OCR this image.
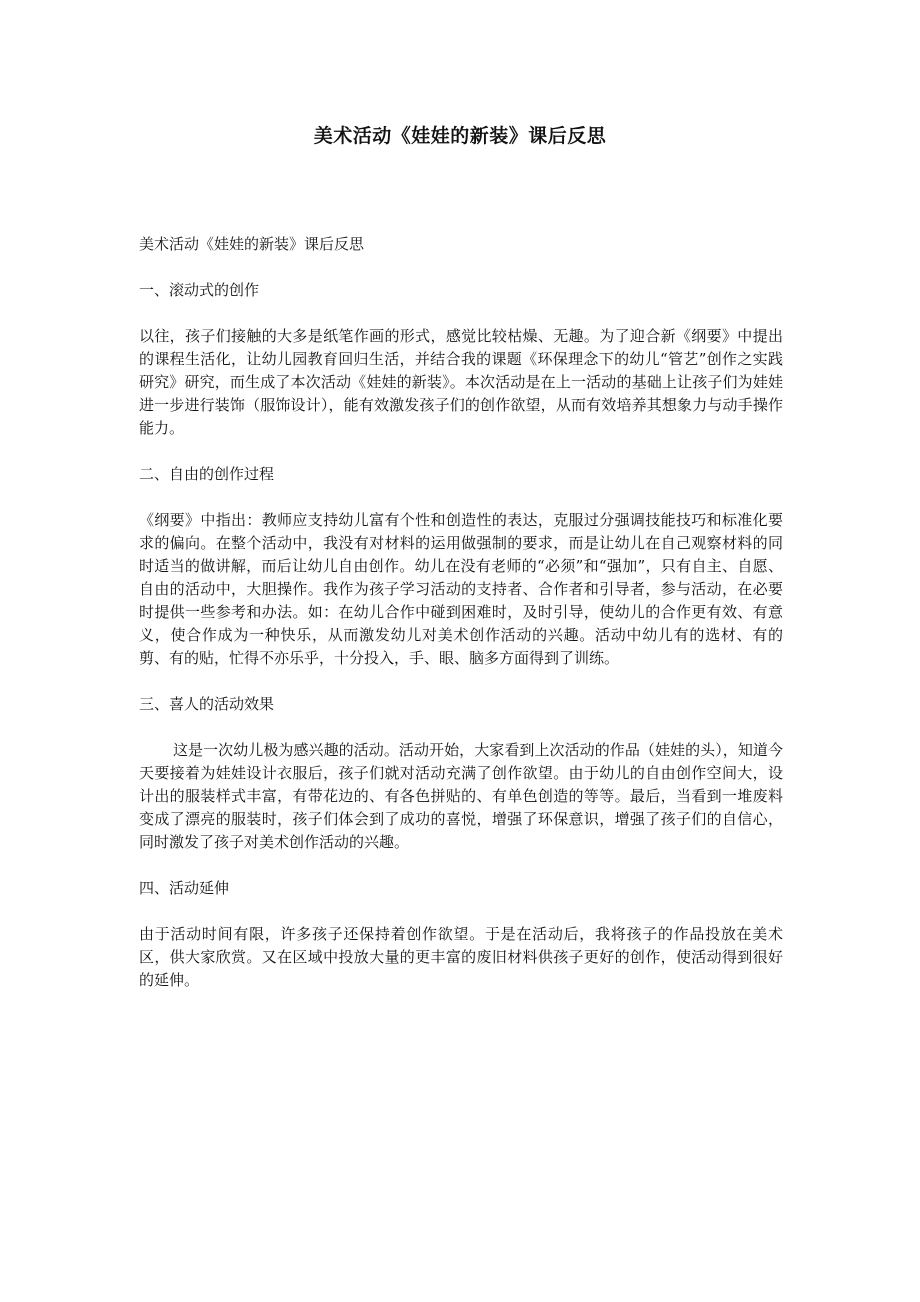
美术活动《娃娃的新装》课后反思

美术活动《娃娃的新装》课后反思

一、滚动式的创作

以往，孩子们接触的大多是纸笔作画的形式，感觉比较枯燥、无趣。为了迎合新《纲要》中提出的课程生活化，让幼儿园教育回归生活，并结合我的课题《环保理念下的幼儿“管艺”创作之实践研究》研究，而生成了本次活动《娃娃的新装》。本次活动是在上一活动的基础上让孩子们为娃娃进一步进行装饰（服饰设计），能有效激发孩子们的创作欲望，从而有效培养其想象力与动手操作能力。

二、自由的创作过程

《纲要》中指出：教师应支持幼儿富有个性和创造性的表达，克服过分强调技能技巧和标准化要求的偏向。在整个活动中，我没有对材料的运用做强制的要求，而是让幼儿在自己观察材料的同时适当的做讲解，而后让幼儿自由创作。幼儿在没有老师的“必须”和“强加”，只有自主、自愿、自由的活动中，大胆操作。我作为孩子学习活动的支持者、合作者和引导者，参与活动，在必要时提供一些参考和办法。如：在幼儿合作中碰到困难时，及时引导，使幼儿的合作更有效、有意义，使合作成为一种快乐，从而激发幼儿对美术创作活动的兴趣。活动中幼儿有的选材、有的剪、有的贴，忙得不亦乐乎，十分投入，手、眼、脑多方面得到了训练。

三、喜人的活动效果

这是一次幼儿极为感兴趣的活动。活动开始，大家看到上次活动的作品（娃娃的头），知道今天要接着为娃娃设计衣服后，孩子们就对活动充满了创作欲望。由于幼儿的自由创作空间大，设计出的服装样式丰富，有带花边的、有各色拼贴的、有单色创造的等等。最后，当看到一堆废料变成了漂亮的服装时，孩子们体会到了成功的喜悦，增强了环保意识，增强了孩子们的自信心，同时激发了孩子对美术创作活动的兴趣。

四、活动延伸

由于活动时间有限，许多孩子还保持着创作欲望。于是在活动后，我将孩子的作品投放在美术区，供大家欣赏。又在区域中投放大量的更丰富的废旧材料供孩子更好的创作，使活动得到很好的延伸。
